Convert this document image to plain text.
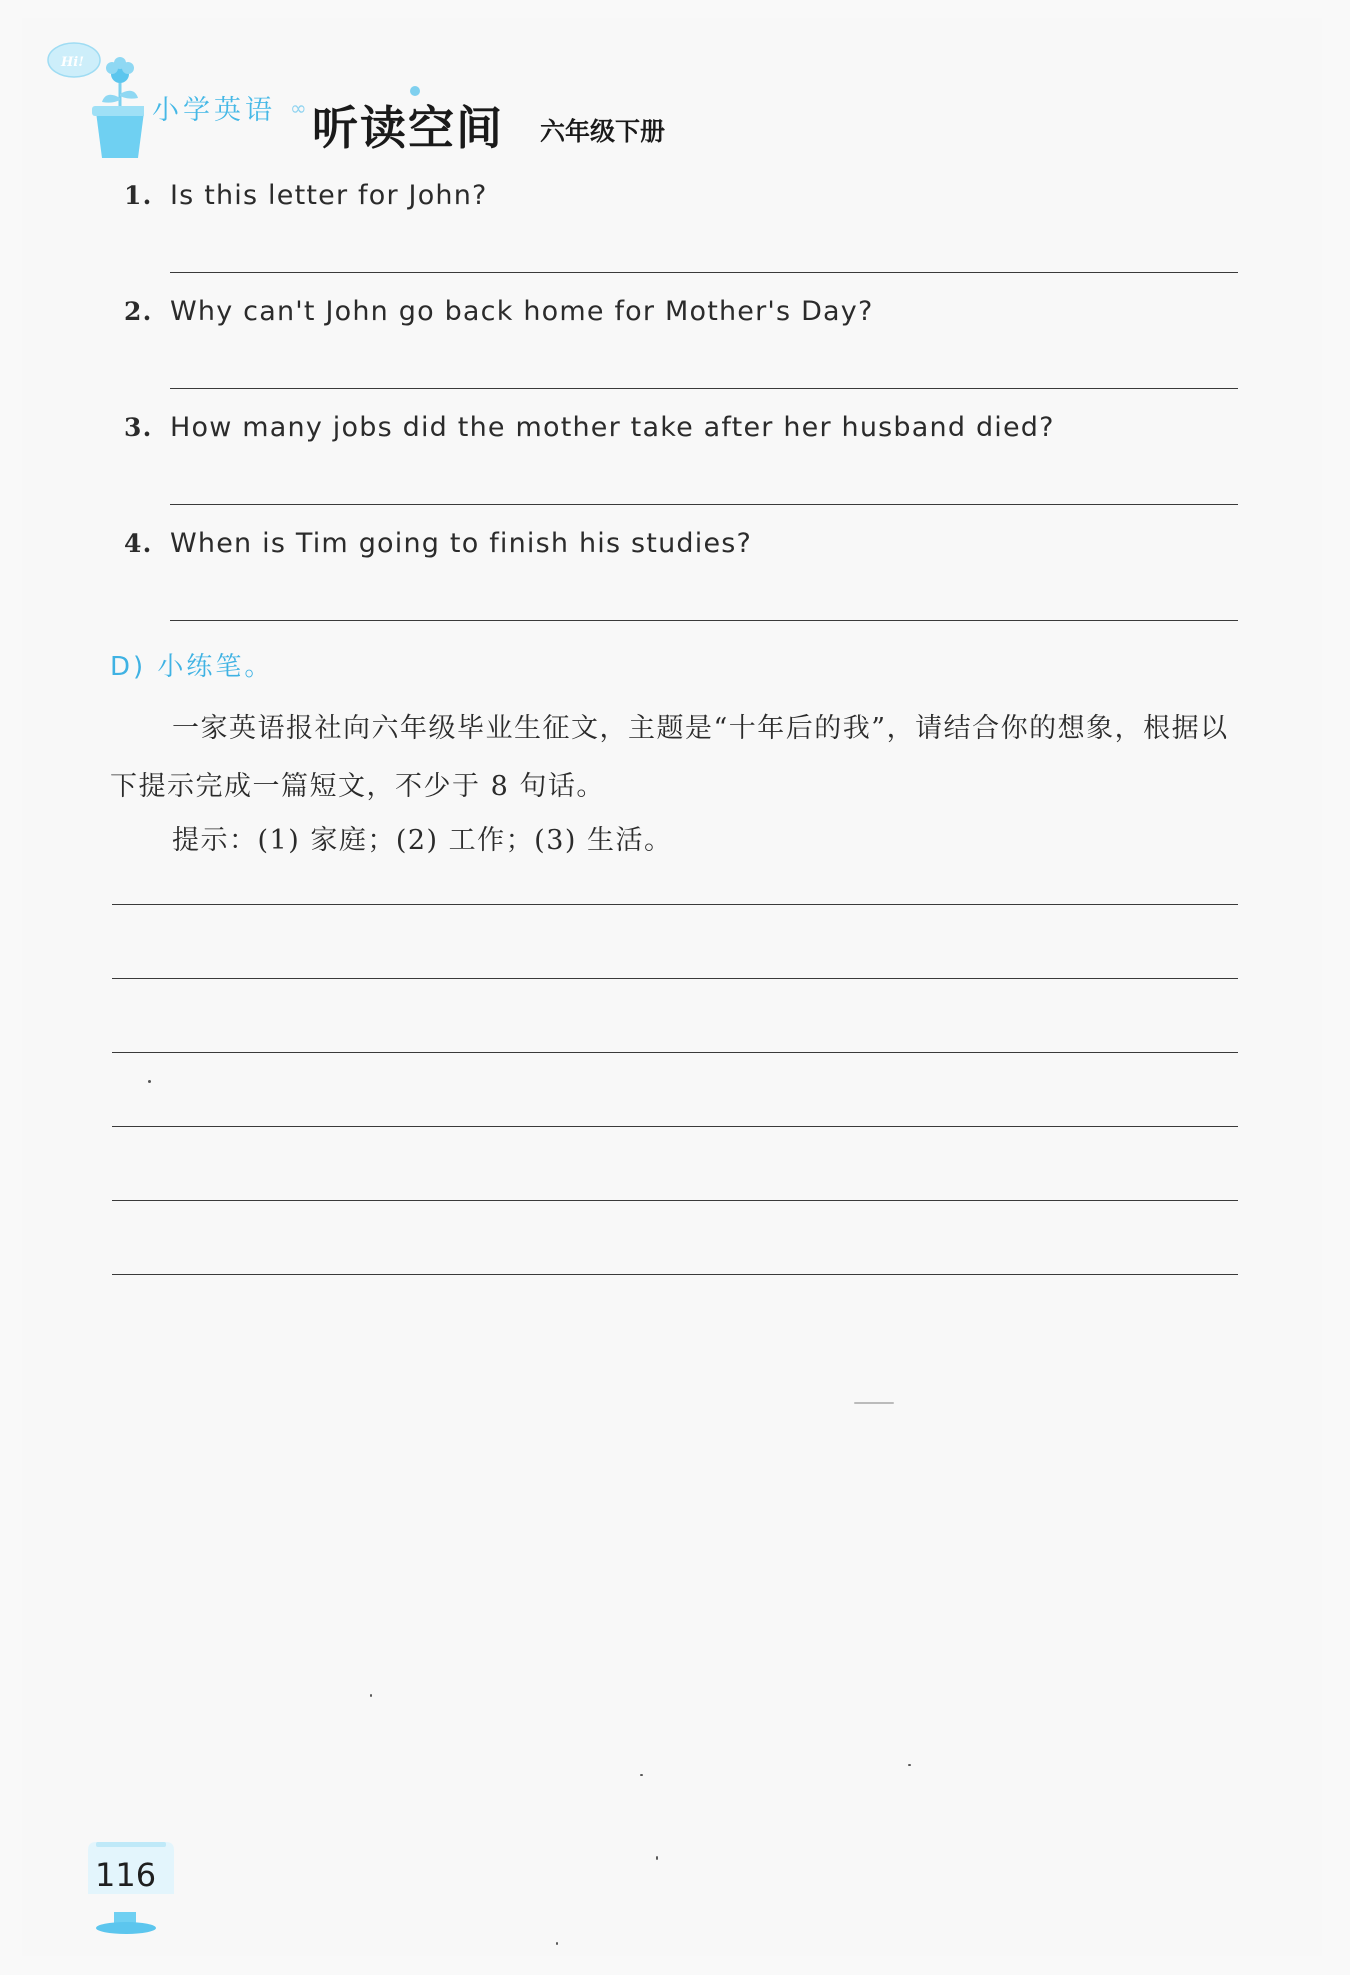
Hi!
小学英语 ∞ 听读空间 六年级下册
1. Is this letter for John?
2. Why can't John go back home for Mother's Day?
3. How many jobs did the mother take after her husband died?
4. When is Tim going to finish his studies?
D) 小练笔。
一家英语报社向六年级毕业生征文，主题是“十年后的我”，请结合你的想象，根据以下提示完成一篇短文，不少于 8 句话。
提示：(1) 家庭；(2) 工作；(3) 生活。
116
